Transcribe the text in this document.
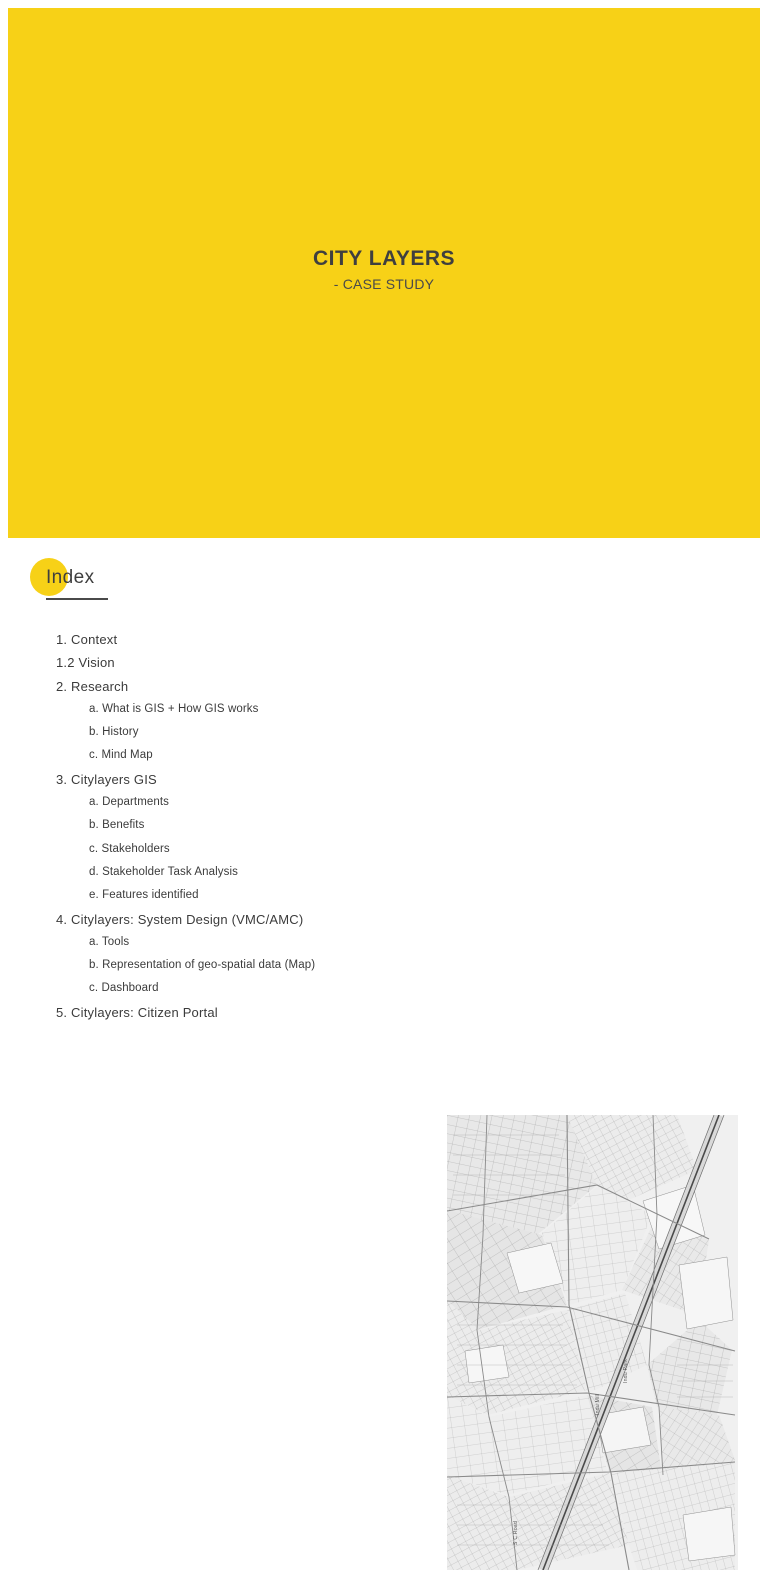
CITY LAYERS
- CASE STUDY
Index
1. Context
1.2 Vision
2. Research
a. What is GIS + How GIS works
b. History
c. Mind Map
3. Citylayers GIS
a. Departments
b. Benefits
c. Stakeholders
d. Stakeholder Task Analysis
e. Features identified
4. Citylayers: System Design (VMC/AMC)
a. Tools
b. Representation of geo-spatial data (Map)
c. Dashboard
5. Citylayers: Citizen Portal
Indu Park
Indu Mill
S C Road
